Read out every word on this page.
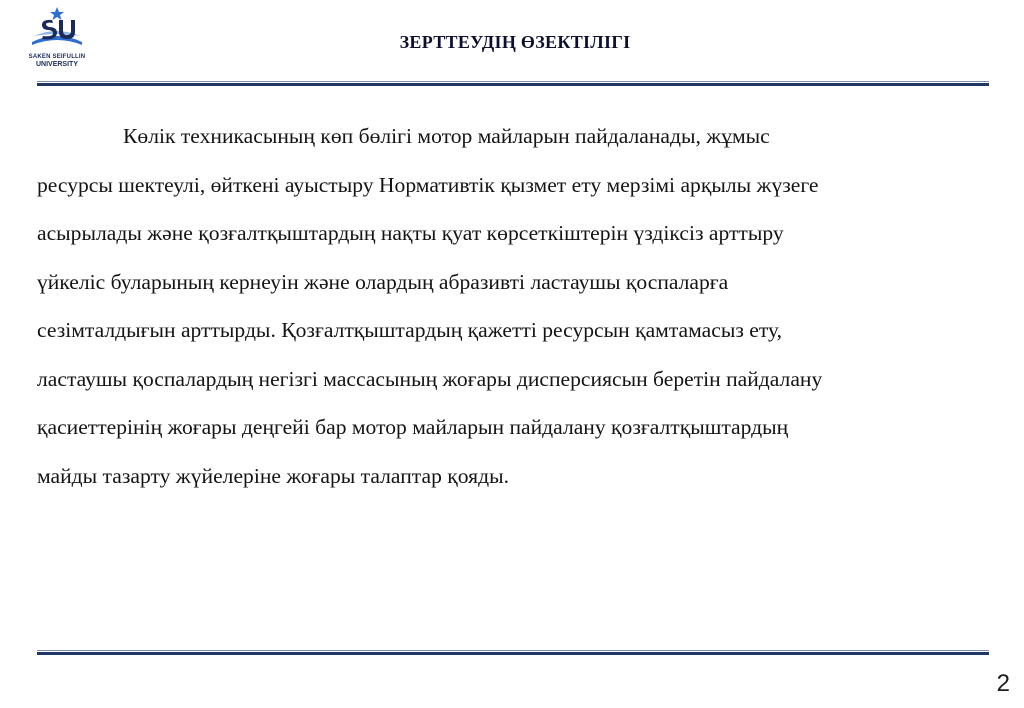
SAKEN SEIFULLIN
UNIVERSITY
ЗЕРТТЕУДІҢ ӨЗЕКТІЛІГІ
Көлік техникасының көп бөлігі мотор майларын пайдаланады, жұмыс
ресурсы шектеулі, өйткені ауыстыру Нормативтік қызмет ету мерзімі арқылы жүзеге
асырылады және қозғалтқыштардың нақты қуат көрсеткіштерін үздіксіз арттыру
үйкеліс буларының кернеуін және олардың абразивті ластаушы қоспаларға
сезімталдығын арттырды. Қозғалтқыштардың қажетті ресурсын қамтамасыз ету,
ластаушы қоспалардың негізгі массасының жоғары дисперсиясын беретін пайдалану
қасиеттерінің жоғары деңгейі бар мотор майларын пайдалану қозғалтқыштардың
майды тазарту жүйелеріне жоғары талаптар қояды.
2
